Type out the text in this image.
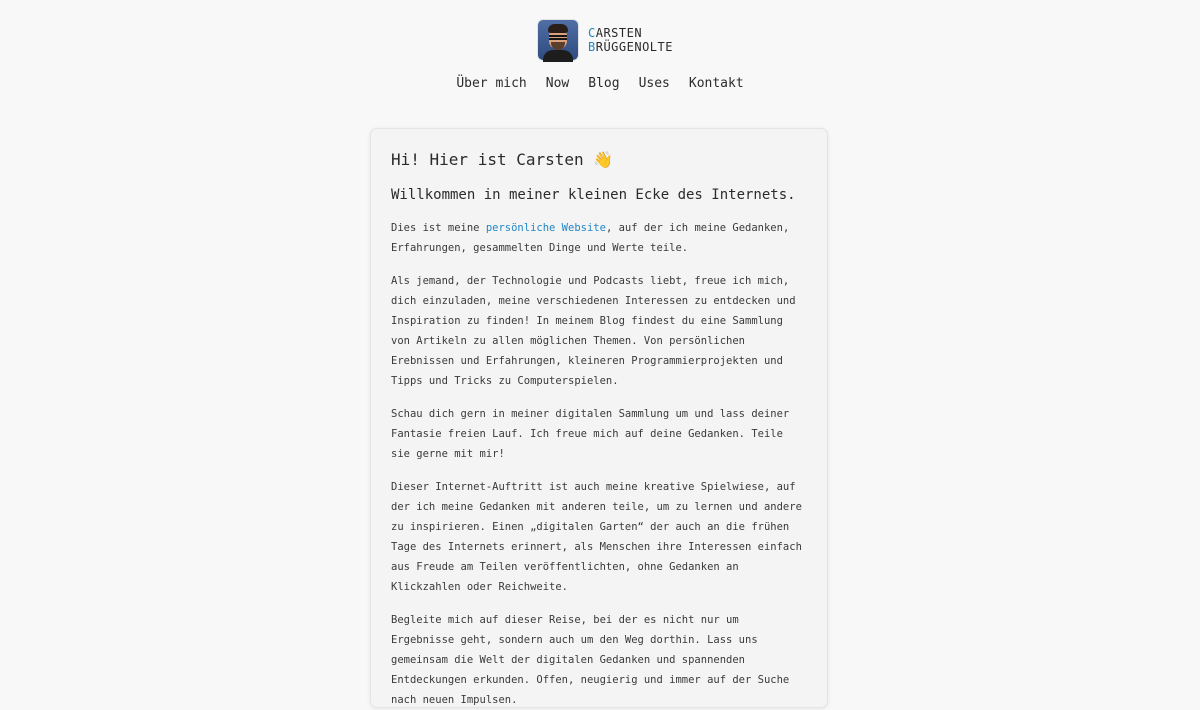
CARSTEN
BRÜGGENOLTE
Über mich Now Blog Uses Kontakt
Hi! Hier ist Carsten 👋
Willkommen in meiner kleinen Ecke des Internets.

Dies ist meine persönliche Website, auf der ich meine Gedanken, Erfahrungen, gesammelten Dinge und Werte teile.

Als jemand, der Technologie und Podcasts liebt, freue ich mich, dich einzuladen, meine verschiedenen Interessen zu entdecken und Inspiration zu finden! In meinem Blog findest du eine Sammlung von Artikeln zu allen möglichen Themen. Von persönlichen Erebnissen und Erfahrungen, kleineren Programmierprojekten und Tipps und Tricks zu Computerspielen.

Schau dich gern in meiner digitalen Sammlung um und lass deiner Fantasie freien Lauf. Ich freue mich auf deine Gedanken. Teile sie gerne mit mir!

Dieser Internet-Auftritt ist auch meine kreative Spielwiese, auf der ich meine Gedanken mit anderen teile, um zu lernen und andere zu inspirieren. Einen „digitalen Garten“ der auch an die frühen Tage des Internets erinnert, als Menschen ihre Interessen einfach aus Freude am Teilen veröffentlichten, ohne Gedanken an Klickzahlen oder Reichweite.

Begleite mich auf dieser Reise, bei der es nicht nur um Ergebnisse geht, sondern auch um den Weg dorthin. Lass uns gemeinsam die Welt der digitalen Gedanken und spannenden Entdeckungen erkunden. Offen, neugierig und immer auf der Suche nach neuen Impulsen.
